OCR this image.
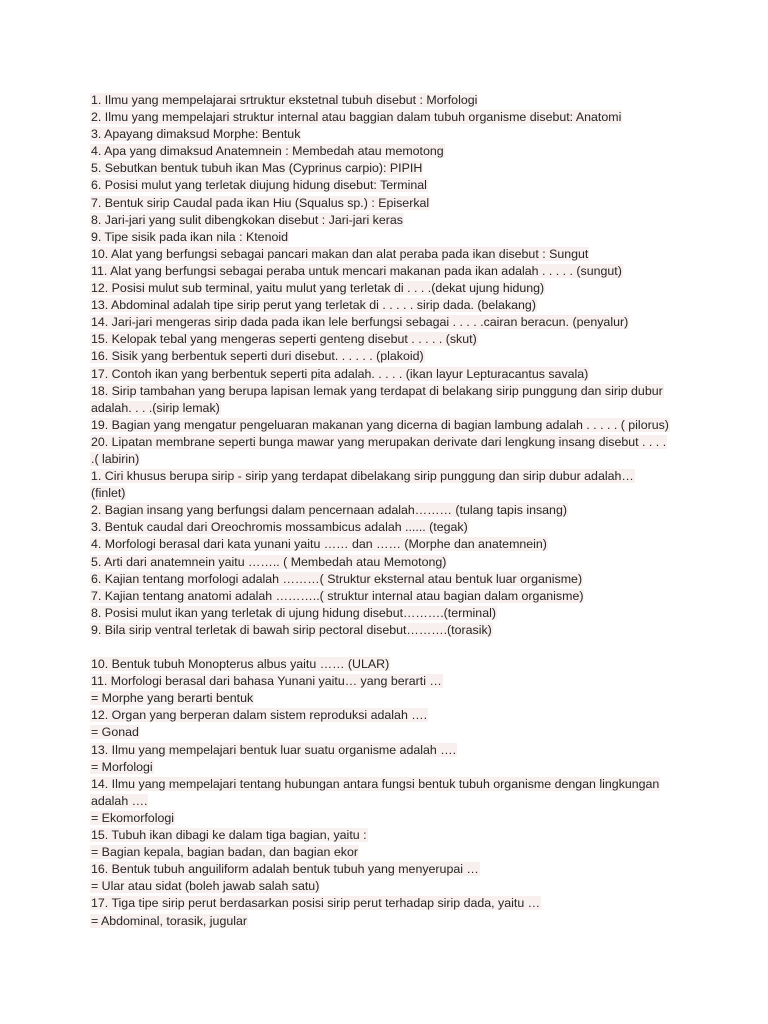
1. Ilmu yang mempelajarai srtruktur ekstetnal tubuh disebut : Morfologi
2. Ilmu yang mempelajari struktur internal atau baggian dalam tubuh organisme disebut: Anatomi
3. Apayang dimaksud Morphe: Bentuk
4. Apa yang dimaksud Anatemnein : Membedah atau memotong
5. Sebutkan bentuk tubuh ikan Mas (Cyprinus carpio): PIPIH
6. Posisi mulut yang terletak diujung hidung disebut: Terminal
7. Bentuk sirip Caudal pada ikan Hiu (Squalus sp.) : Episerkal
8. Jari-jari yang sulit dibengkokan disebut : Jari-jari keras
9. Tipe sisik pada ikan nila : Ktenoid
10. Alat yang berfungsi sebagai pancari makan dan alat peraba pada ikan disebut : Sungut
11. Alat yang berfungsi sebagai peraba untuk mencari makanan pada ikan adalah . . . . . (sungut)
12. Posisi mulut sub terminal, yaitu mulut yang terletak di . . . .(dekat ujung hidung)
13. Abdominal adalah tipe sirip perut yang terletak di . . . . . sirip dada. (belakang)
14. Jari-jari mengeras sirip dada pada ikan lele berfungsi sebagai . . . . .cairan beracun. (penyalur)
15. Kelopak tebal yang mengeras seperti genteng disebut . . . . . (skut)
16. Sisik yang berbentuk seperti duri disebut. . . . . . (plakoid)
17. Contoh ikan yang berbentuk seperti pita adalah. . . . . (ikan layur Lepturacantus savala)
18. Sirip tambahan yang berupa lapisan lemak yang terdapat di belakang sirip punggung dan sirip dubur
adalah. . . .(sirip lemak)
19. Bagian yang mengatur pengeluaran makanan yang dicerna di bagian lambung adalah . . . . . ( pilorus)
20. Lipatan membrane seperti bunga mawar yang merupakan derivate dari lengkung insang disebut . . . .
.( labirin)
1. Ciri khusus berupa sirip - sirip yang terdapat dibelakang sirip punggung dan sirip dubur adalah…
(finlet)
2. Bagian insang yang berfungsi dalam pencernaan adalah……… (tulang tapis insang)
3. Bentuk caudal dari Oreochromis mossambicus adalah ...... (tegak)
4. Morfologi berasal dari kata yunani yaitu …… dan …… (Morphe dan anatemnein)
5. Arti dari anatemnein yaitu …….. ( Membedah atau Memotong)
6. Kajian tentang morfologi adalah ………( Struktur eksternal atau bentuk luar organisme)
7. Kajian tentang anatomi adalah ………..( struktur internal atau bagian dalam organisme)
8. Posisi mulut ikan yang terletak di ujung hidung disebut……….(terminal)
9. Bila sirip ventral terletak di bawah sirip pectoral disebut……….(torasik)
10. Bentuk tubuh Monopterus albus yaitu …… (ULAR)
11. Morfologi berasal dari bahasa Yunani yaitu… yang berarti …
= Morphe yang berarti bentuk
12. Organ yang berperan dalam sistem reproduksi adalah ….
= Gonad
13. Ilmu yang mempelajari bentuk luar suatu organisme adalah ….
= Morfologi
14. Ilmu yang mempelajari tentang hubungan antara fungsi bentuk tubuh organisme dengan lingkungan
adalah ….
= Ekomorfologi
15. Tubuh ikan dibagi ke dalam tiga bagian, yaitu :
= Bagian kepala, bagian badan, dan bagian ekor
16. Bentuk tubuh anguiliform adalah bentuk tubuh yang menyerupai …
= Ular atau sidat (boleh jawab salah satu)
17. Tiga tipe sirip perut berdasarkan posisi sirip perut terhadap sirip dada, yaitu …
= Abdominal, torasik, jugular
